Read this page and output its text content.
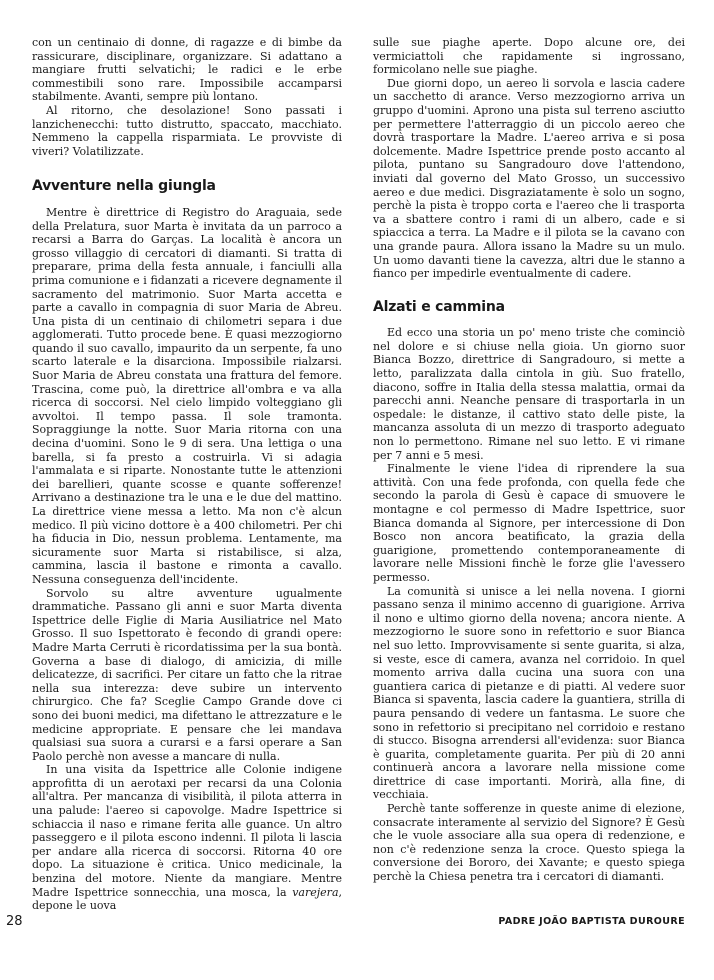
con un centinaio di donne, di ragazze e di bimbe da rassicurare, disciplinare, organizzare. Si adattano a mangiare frutti selvatichi; le radici e le erbe commestibili sono rare. Impossibile accamparsi stabilmente. Avanti, sempre più lontano.

Al ritorno, che desolazione! Sono passati i lanzichenecchi: tutto distrutto, spaccato, macchiato. Nemmeno la cappella risparmiata. Le provviste di viveri? Volatilizzate.

Avventure nella giungla

Mentre è direttrice di Registro do Araguaia, sede della Prelatura, suor Marta è invitata da un parroco a recarsi a Barra do Garças. La località è ancora un grosso villaggio di cercatori di diamanti. Si tratta di preparare, prima della festa annuale, i fanciulli alla prima comunione e i fidanzati a ricevere degnamente il sacramento del matrimonio. Suor Marta accetta e parte a cavallo in compagnia di suor Maria de Abreu. Una pista di un centinaio di chilometri separa i due agglomerati. Tutto procede bene. È quasi mezzogiorno quando il suo cavallo, impaurito da un serpente, fa uno scarto laterale e la disarciona. Impossibile rialzarsi. Suor Maria de Abreu constata una frattura del femore. Trascina, come può, la direttrice all'ombra e va alla ricerca di soccorsi. Nel cielo limpido volteggiano gli avvoltoi. Il tempo passa. Il sole tramonta. Sopraggiunge la notte. Suor Maria ritorna con una decina d'uomini. Sono le 9 di sera. Una lettiga o una barella, si fa presto a costruirla. Vi si adagia l'ammalata e si riparte. Nonostante tutte le attenzioni dei barellieri, quante scosse e quante sofferenze! Arrivano a destinazione tra le una e le due del mattino. La direttrice viene messa a letto. Ma non c'è alcun medico. Il più vicino dottore è a 400 chilometri. Per chi ha fiducia in Dio, nessun problema. Lentamente, ma sicuramente suor Marta si ristabilisce, si alza, cammina, lascia il bastone e rimonta a cavallo. Nessuna conseguenza dell'incidente.

Sorvolo su altre avventure ugualmente drammatiche. Passano gli anni e suor Marta diventa Ispettrice delle Figlie di Maria Ausiliatrice nel Mato Grosso. Il suo Ispettorato è fecondo di grandi opere: Madre Marta Cerruti è ricordatissima per la sua bontà. Governa a base di dialogo, di amicizia, di mille delicatezze, di sacrifici. Per citare un fatto che la ritrae nella sua interezza: deve subire un intervento chirurgico. Che fa? Sceglie Campo Grande dove ci sono dei buoni medici, ma difettano le attrezzature e le medicine appropriate. E pensare che lei mandava qualsiasi sua suora a curarsi e a farsi operare a San Paolo perchè non avesse a mancare di nulla.

In una visita da Ispettrice alle Colonie indigene approfitta di un aerotaxi per recarsi da una Colonia all'altra. Per mancanza di visibilità, il pilota atterra in una palude: l'aereo si capovolge. Madre Ispettrice si schiaccia il naso e rimane ferita alle guance. Un altro passeggero e il pilota escono indenni. Il pilota li lascia per andare alla ricerca di soccorsi. Ritorna 40 ore dopo. La situazione è critica. Unico medicinale, la benzina del motore. Niente da mangiare. Mentre Madre Ispettrice sonnecchia, una mosca, la varejera, depone le uova

sulle sue piaghe aperte. Dopo alcune ore, dei vermiciattoli che rapidamente si ingrossano, formicolano nelle sue piaghe.

Due giorni dopo, un aereo li sorvola e lascia cadere un sacchetto di arance. Verso mezzogiorno arriva un gruppo d'uomini. Aprono una pista sul terreno asciutto per permettere l'atterraggio di un piccolo aereo che dovrà trasportare la Madre. L'aereo arriva e si posa dolcemente. Madre Ispettrice prende posto accanto al pilota, puntano su Sangradouro dove l'attendono, inviati dal governo del Mato Grosso, un successivo aereo e due medici. Disgraziatamente è solo un sogno, perchè la pista è troppo corta e l'aereo che li trasporta va a sbattere contro i rami di un albero, cade e si spiaccica a terra. La Madre e il pilota se la cavano con una grande paura. Allora issano la Madre su un mulo. Un uomo davanti tiene la cavezza, altri due le stanno a fianco per impedirle eventualmente di cadere.

Alzati e cammina

Ed ecco una storia un po' meno triste che cominciò nel dolore e si chiuse nella gioia. Un giorno suor Bianca Bozzo, direttrice di Sangradouro, si mette a letto, paralizzata dalla cintola in giù. Suo fratello, diacono, soffre in Italia della stessa malattia, ormai da parecchi anni. Neanche pensare di trasportarla in un ospedale: le distanze, il cattivo stato delle piste, la mancanza assoluta di un mezzo di trasporto adeguato non lo permettono. Rimane nel suo letto. E vi rimane per 7 anni e 5 mesi.

Finalmente le viene l'idea di riprendere la sua attività. Con una fede profonda, con quella fede che secondo la parola di Gesù è capace di smuovere le montagne e col permesso di Madre Ispettrice, suor Bianca domanda al Signore, per intercessione di Don Bosco non ancora beatificato, la grazia della guarigione, promettendo contemporaneamente di lavorare nelle Missioni finchè le forze glie l'avessero permesso.

La comunità si unisce a lei nella novena. I giorni passano senza il minimo accenno di guarigione. Arriva il nono e ultimo giorno della novena; ancora niente. A mezzogiorno le suore sono in refettorio e suor Bianca nel suo letto. Improvvisamente si sente guarita, si alza, si veste, esce di camera, avanza nel corridoio. In quel momento arriva dalla cucina una suora con una guantiera carica di pietanze e di piatti. Al vedere suor Bianca si spaventa, lascia cadere la guantiera, strilla di paura pensando di vedere un fantasma. Le suore che sono in refettorio si precipitano nel corridoio e restano di stucco. Bisogna arrendersi all'evidenza: suor Bianca è guarita, completamente guarita. Per più di 20 anni continuerà ancora a lavorare nella missione come direttrice di case importanti. Morirà, alla fine, di vecchiaia.

Perchè tante sofferenze in queste anime di elezione, consacrate interamente al servizio del Signore? È Gesù che le vuole associare alla sua opera di redenzione, e non c'è redenzione senza la croce. Questo spiega la conversione dei Bororo, dei Xavante; e questo spiega perchè la Chiesa penetra tra i cercatori di diamanti.

28	PADRE JOÃO BAPTISTA DUROURE
